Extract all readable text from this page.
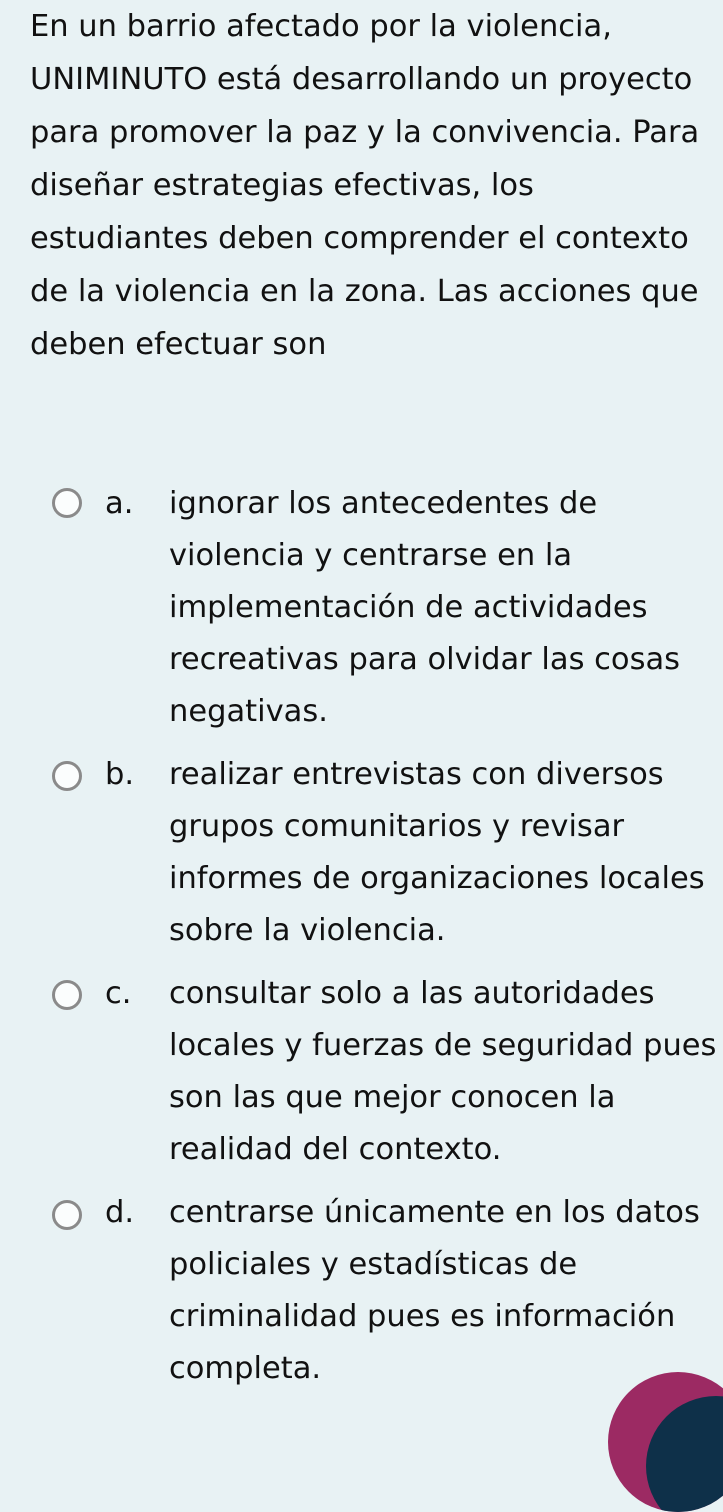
En un barrio afectado por la violencia, UNIMINUTO está desarrollando un proyecto para promover la paz y la convivencia. Para diseñar estrategias efectivas, los estudiantes deben comprender el contexto de la violencia en la zona. Las acciones que deben efectuar son

a. ignorar los antecedentes de violencia y centrarse en la implementación de actividades recreativas para olvidar las cosas negativas.
b. realizar entrevistas con diversos grupos comunitarios y revisar informes de organizaciones locales sobre la violencia.
c. consultar solo a las autoridades locales y fuerzas de seguridad pues son las que mejor conocen la realidad del contexto.
d. centrarse únicamente en los datos policiales y estadísticas de criminalidad pues es información completa.
